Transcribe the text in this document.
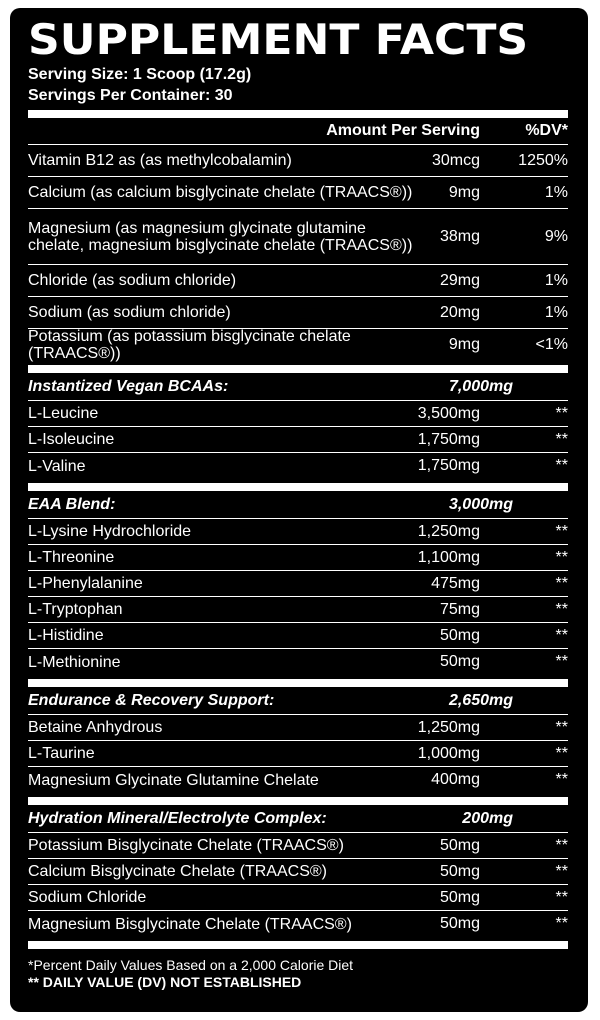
SUPPLEMENT FACTS
Serving Size: 1 Scoop (17.2g)
Servings Per Container: 30
Amount Per Serving	%DV*
Vitamin B12 as (as methylcobalamin)	30mcg	1250%
Calcium (as calcium bisglycinate chelate (TRAACS®))	9mg	1%
Magnesium (as magnesium glycinate glutamine chelate, magnesium bisglycinate chelate (TRAACS®))
38mg	9%
Chloride (as sodium chloride)	29mg	1%
Sodium (as sodium chloride)	20mg	1%
Potassium (as potassium bisglycinate chelate (TRAACS®))
9mg	<1%
Instantized Vegan BCAAs:	7,000mg
L-Leucine	3,500mg	**
L-Isoleucine	1,750mg	**
L-Valine	1,750mg	**
EAA Blend:	3,000mg
L-Lysine Hydrochloride	1,250mg	**
L-Threonine	1,100mg	**
L-Phenylalanine	475mg	**
L-Tryptophan	75mg	**
L-Histidine	50mg	**
L-Methionine	50mg	**
Endurance & Recovery Support:	2,650mg
Betaine Anhydrous	1,250mg	**
L-Taurine	1,000mg	**
Magnesium Glycinate Glutamine Chelate	400mg	**
Hydration Mineral/Electrolyte Complex:	200mg
Potassium Bisglycinate Chelate (TRAACS®)	50mg	**
Calcium Bisglycinate Chelate (TRAACS®)	50mg	**
Sodium Chloride	50mg	**
Magnesium Bisglycinate Chelate (TRAACS®)	50mg	**
*Percent Daily Values Based on a 2,000 Calorie Diet
** DAILY VALUE (DV) NOT ESTABLISHED
